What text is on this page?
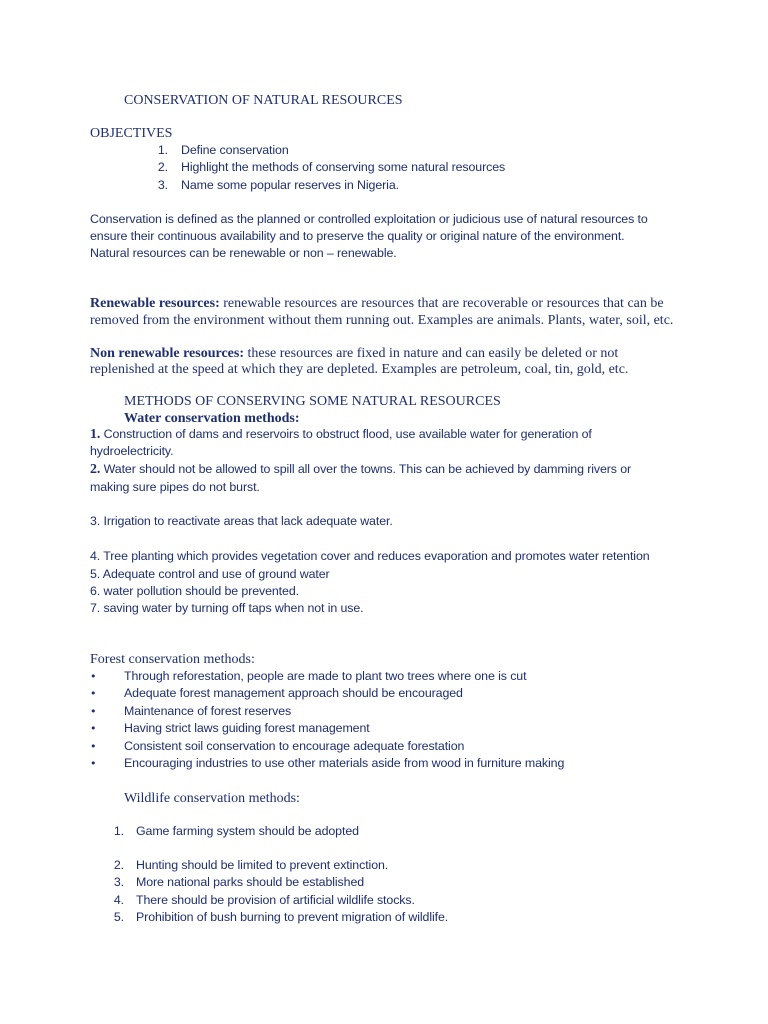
CONSERVATION OF NATURAL RESOURCES
OBJECTIVES
1. Define conservation
2. Highlight the methods of conserving some natural resources
3. Name some popular reserves in Nigeria.
Conservation is defined as the planned or controlled exploitation or judicious use of natural resources to
ensure their continuous availability and to preserve the quality or original nature of the environment.
Natural resources can be renewable or non – renewable.
Renewable resources: renewable resources are resources that are recoverable or resources that can be
removed from the environment without them running out. Examples are animals. Plants, water, soil, etc.
Non renewable resources: these resources are fixed in nature and can easily be deleted or not
replenished at the speed at which they are depleted. Examples are petroleum, coal, tin, gold, etc.
METHODS OF CONSERVING SOME NATURAL RESOURCES
Water conservation methods:
1. Construction of dams and reservoirs to obstruct flood, use available water for generation of
hydroelectricity.
2. Water should not be allowed to spill all over the towns. This can be achieved by damming rivers or
making sure pipes do not burst.
3. Irrigation to reactivate areas that lack adequate water.
4. Tree planting which provides vegetation cover and reduces evaporation and promotes water retention
5. Adequate control and use of ground water
6. water pollution should be prevented.
7. saving water by turning off taps when not in use.
Forest conservation methods:
• Through reforestation, people are made to plant two trees where one is cut
• Adequate forest management approach should be encouraged
• Maintenance of forest reserves
• Having strict laws guiding forest management
• Consistent soil conservation to encourage adequate forestation
• Encouraging industries to use other materials aside from wood in furniture making
Wildlife conservation methods:
1. Game farming system should be adopted
2. Hunting should be limited to prevent extinction.
3. More national parks should be established
4. There should be provision of artificial wildlife stocks.
5. Prohibition of bush burning to prevent migration of wildlife.
